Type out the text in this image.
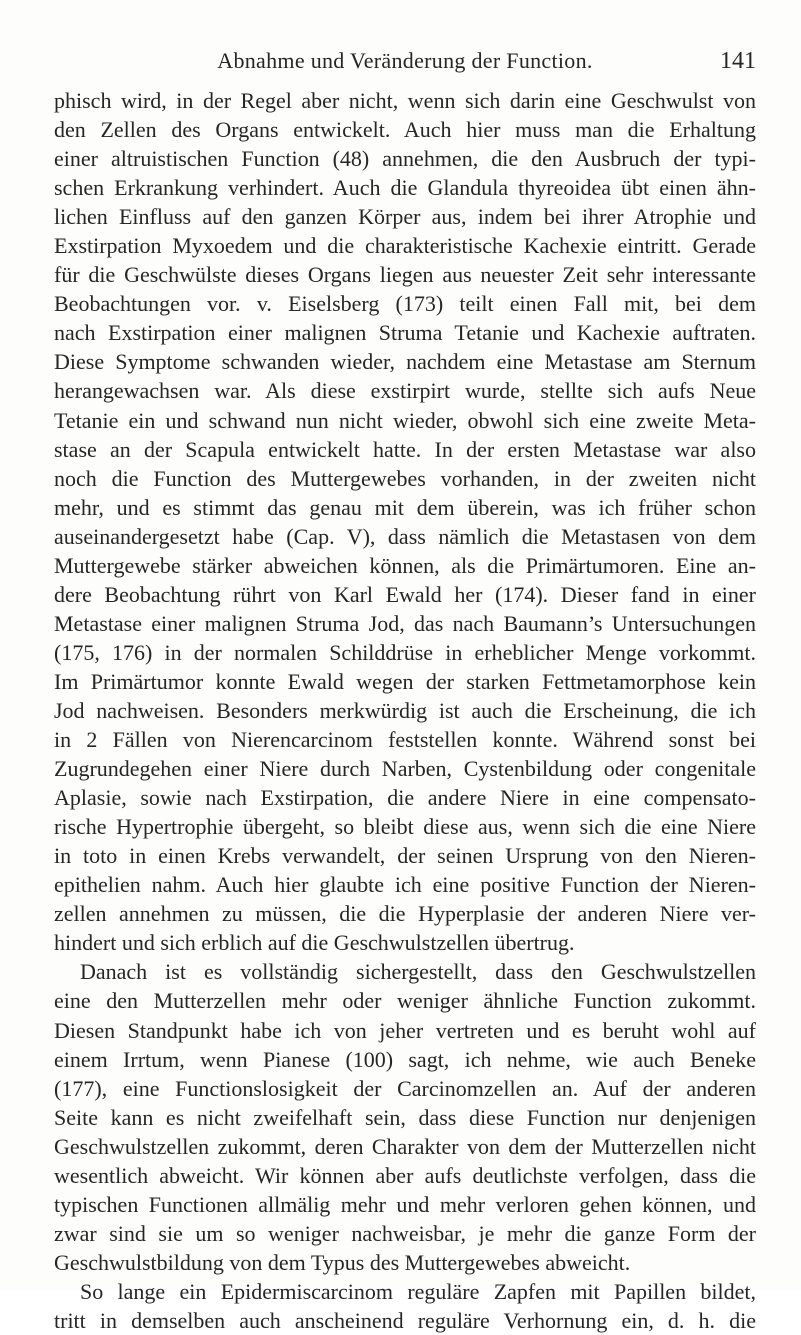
Abnahme und Veränderung der Function.	141
phisch wird, in der Regel aber nicht, wenn sich darin eine Geschwulst von
den Zellen des Organs entwickelt. Auch hier muss man die Erhaltung
einer altruistischen Function (48) annehmen, die den Ausbruch der typi-
schen Erkrankung verhindert. Auch die Glandula thyreoidea übt einen ähn-
lichen Einfluss auf den ganzen Körper aus, indem bei ihrer Atrophie und
Exstirpation Myxoedem und die charakteristische Kachexie eintritt. Gerade
für die Geschwülste dieses Organs liegen aus neuester Zeit sehr interessante
Beobachtungen vor. v. Eiselsberg (173) teilt einen Fall mit, bei dem
nach Exstirpation einer malignen Struma Tetanie und Kachexie auftraten.
Diese Symptome schwanden wieder, nachdem eine Metastase am Sternum
herangewachsen war. Als diese exstirpirt wurde, stellte sich aufs Neue
Tetanie ein und schwand nun nicht wieder, obwohl sich eine zweite Meta-
stase an der Scapula entwickelt hatte. In der ersten Metastase war also
noch die Function des Muttergewebes vorhanden, in der zweiten nicht
mehr, und es stimmt das genau mit dem überein, was ich früher schon
auseinandergesetzt habe (Cap. V), dass nämlich die Metastasen von dem
Muttergewebe stärker abweichen können, als die Primärtumoren. Eine an-
dere Beobachtung rührt von Karl Ewald her (174). Dieser fand in einer
Metastase einer malignen Struma Jod, das nach Baumann’s Untersuchungen
(175, 176) in der normalen Schilddrüse in erheblicher Menge vorkommt.
Im Primärtumor konnte Ewald wegen der starken Fettmetamorphose kein
Jod nachweisen. Besonders merkwürdig ist auch die Erscheinung, die ich
in 2 Fällen von Nierencarcinom feststellen konnte. Während sonst bei
Zugrundegehen einer Niere durch Narben, Cystenbildung oder congenitale
Aplasie, sowie nach Exstirpation, die andere Niere in eine compensato-
rische Hypertrophie übergeht, so bleibt diese aus, wenn sich die eine Niere
in toto in einen Krebs verwandelt, der seinen Ursprung von den Nieren-
epithelien nahm. Auch hier glaubte ich eine positive Function der Nieren-
zellen annehmen zu müssen, die die Hyperplasie der anderen Niere ver-
hindert und sich erblich auf die Geschwulstzellen übertrug.
Danach ist es vollständig sichergestellt, dass den Geschwulstzellen
eine den Mutterzellen mehr oder weniger ähnliche Function zukommt.
Diesen Standpunkt habe ich von jeher vertreten und es beruht wohl auf
einem Irrtum, wenn Pianese (100) sagt, ich nehme, wie auch Beneke
(177), eine Functionslosigkeit der Carcinomzellen an. Auf der anderen
Seite kann es nicht zweifelhaft sein, dass diese Function nur denjenigen
Geschwulstzellen zukommt, deren Charakter von dem der Mutterzellen nicht
wesentlich abweicht. Wir können aber aufs deutlichste verfolgen, dass die
typischen Functionen allmälig mehr und mehr verloren gehen können, und
zwar sind sie um so weniger nachweisbar, je mehr die ganze Form der
Geschwulstbildung von dem Typus des Muttergewebes abweicht.
So lange ein Epidermiscarcinom reguläre Zapfen mit Papillen bildet,
tritt in demselben auch anscheinend reguläre Verhornung ein, d. h. die
